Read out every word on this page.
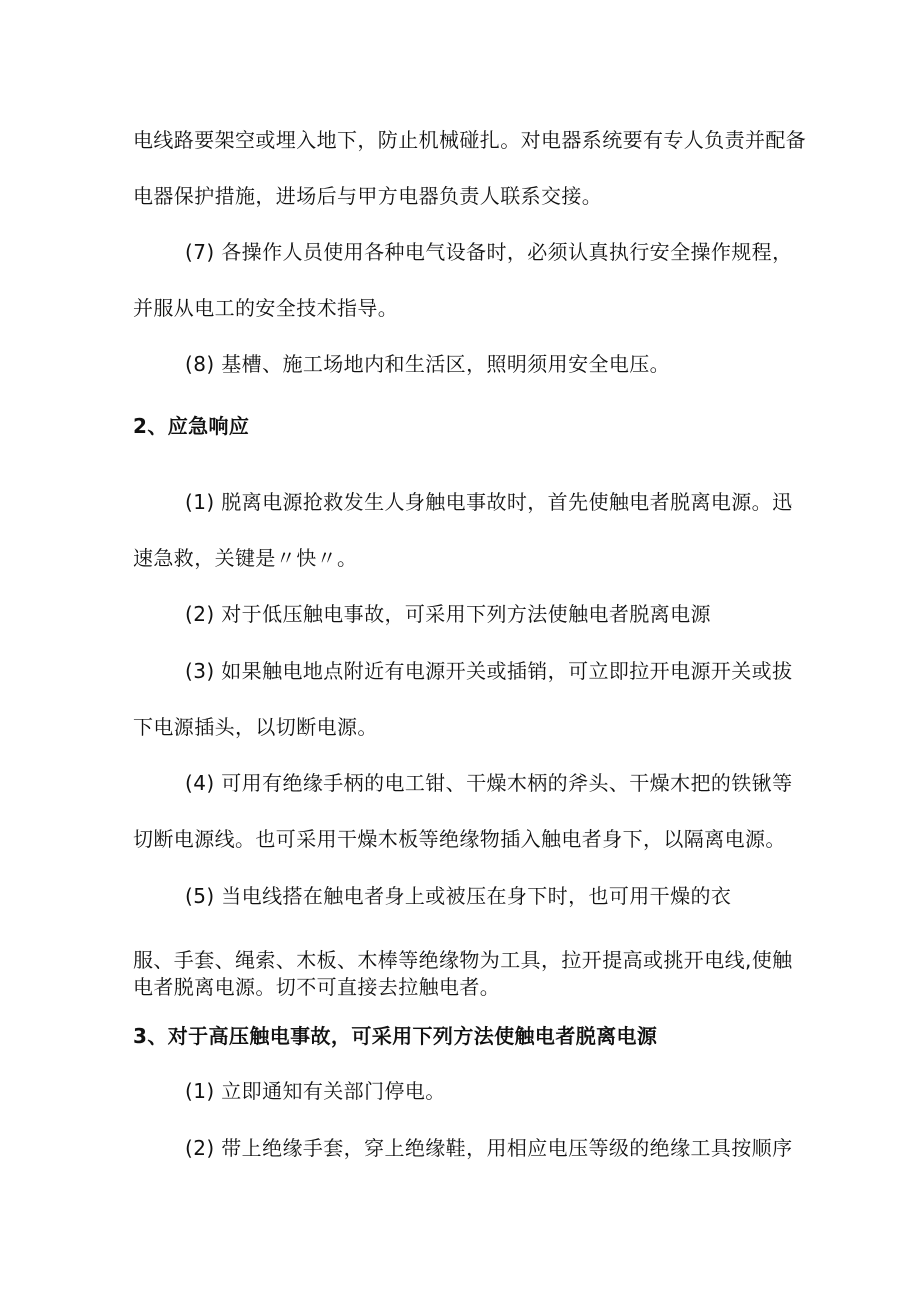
电线路要架空或埋入地下，防止机械碰扎。对电器系统要有专人负责并配备
电器保护措施，进场后与甲方电器负责人联系交接。
(7) 各操作人员使用各种电气设备时，必须认真执行安全操作规程，
并服从电工的安全技术指导。
(8) 基槽、施工场地内和生活区，照明须用安全电压。
2、应急响应
(1) 脱离电源抢救发生人身触电事故时，首先使触电者脱离电源。迅
速急救，关键是〃快〃。
(2) 对于低压触电事故，可采用下列方法使触电者脱离电源
(3) 如果触电地点附近有电源开关或插销，可立即拉开电源开关或拔
下电源插头，以切断电源。
(4) 可用有绝缘手柄的电工钳、干燥木柄的斧头、干燥木把的铁锹等
切断电源线。也可采用干燥木板等绝缘物插入触电者身下，以隔离电源。
(5) 当电线搭在触电者身上或被压在身下时，也可用干燥的衣
服、手套、绳索、木板、木棒等绝缘物为工具，拉开提高或挑开电线,使触
电者脱离电源。切不可直接去拉触电者。
3、对于高压触电事故，可采用下列方法使触电者脱离电源
(1) 立即通知有关部门停电。
(2) 带上绝缘手套，穿上绝缘鞋，用相应电压等级的绝缘工具按顺序
